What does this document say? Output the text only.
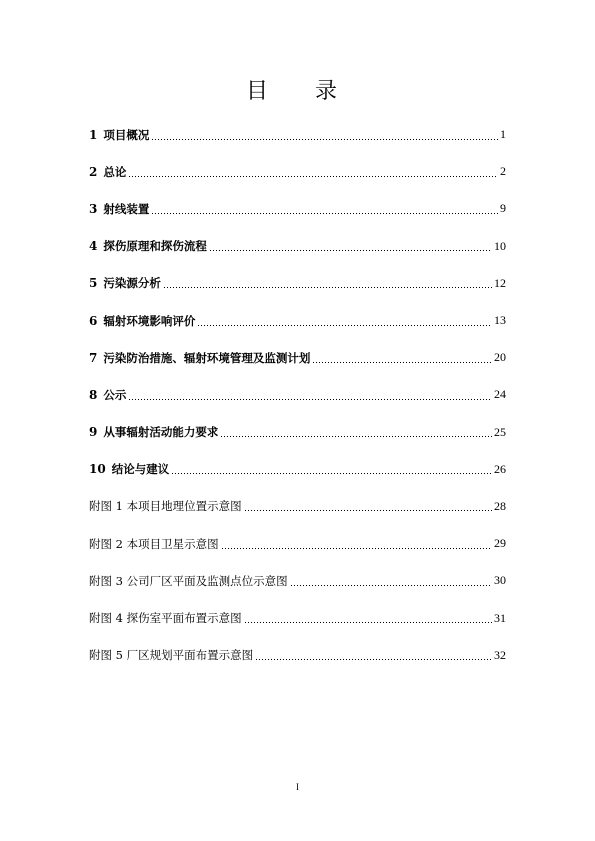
目 录
1 项目概况	1
2 总论	2
3 射线装置	9
4 探伤原理和探伤流程	10
5 污染源分析	12
6 辐射环境影响评价	13
7 污染防治措施、辐射环境管理及监测计划	20
8 公示	24
9 从事辐射活动能力要求	25
10 结论与建议	26
附图 1 本项目地理位置示意图	28
附图 2 本项目卫星示意图	29
附图 3 公司厂区平面及监测点位示意图	30
附图 4 探伤室平面布置示意图	31
附图 5 厂区规划平面布置示意图	32
I
